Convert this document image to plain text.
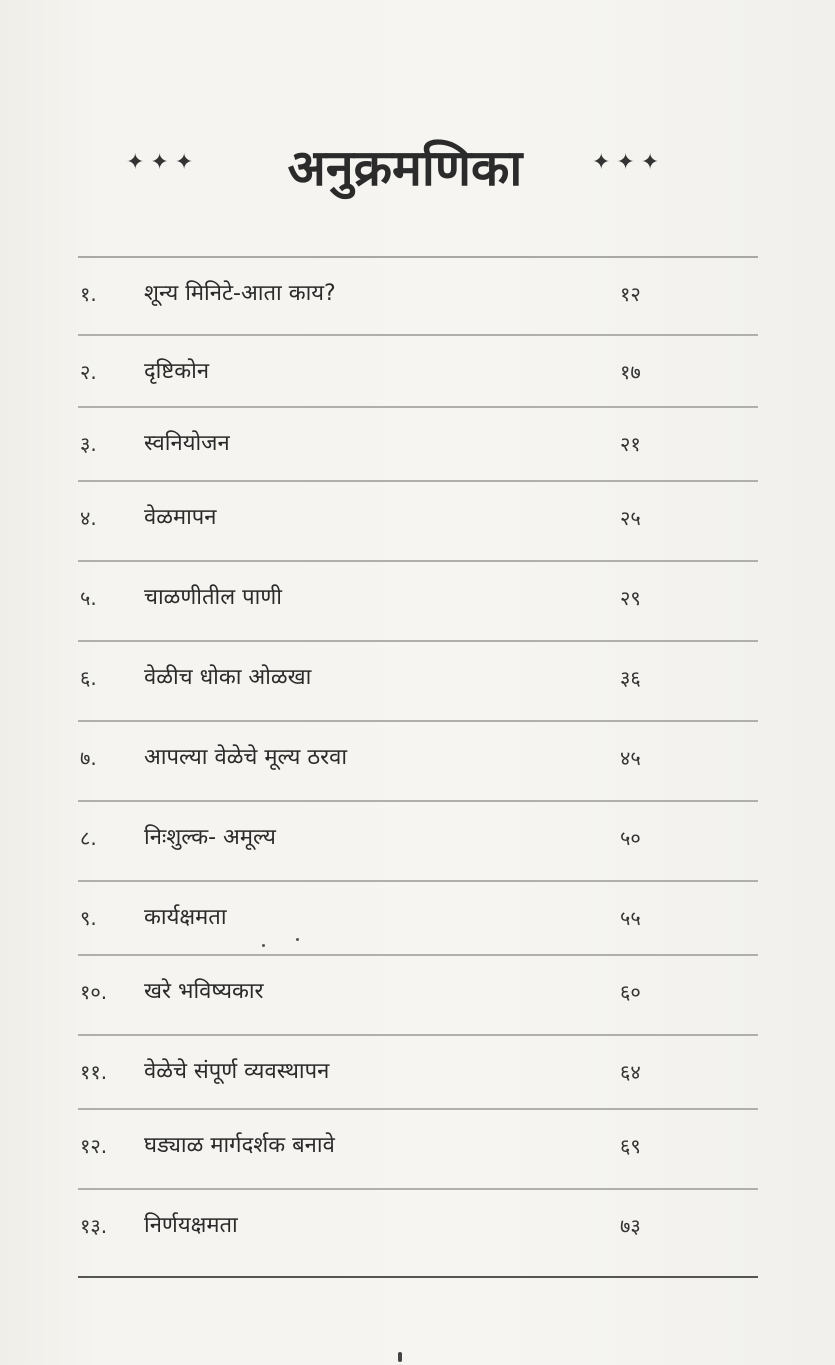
✦✦✦	अनुक्रमणिका	✦✦✦
१. शून्य मिनिटे-आता काय?	१२
२. दृष्टिकोन	१७
३. स्वनियोजन	२१
४. वेळमापन	२५
५. चाळणीतील पाणी	२९
६. वेळीच धोका ओळखा	३६
७. आपल्या वेळेचे मूल्य ठरवा	४५
८. निःशुल्क- अमूल्य	५०
९. कार्यक्षमता	५५
१०. खरे भविष्यकार	६०
११. वेळेचे संपूर्ण व्यवस्थापन	६४
१२. घड्याळ मार्गदर्शक बनावे	६९
१३. निर्णयक्षमता	७३
